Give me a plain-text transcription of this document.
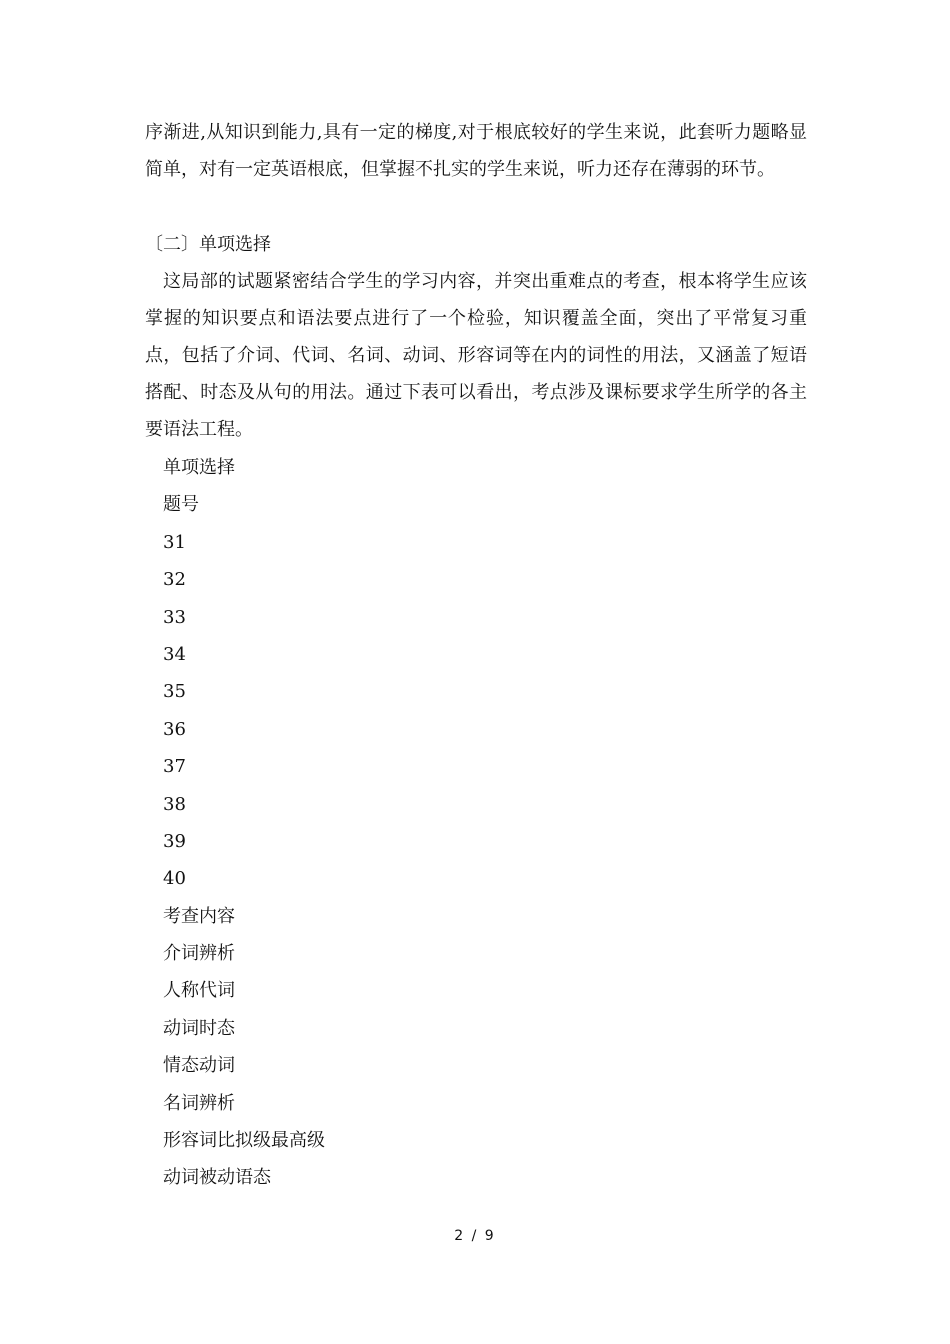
序渐进,从知识到能力,具有一定的梯度,对于根底较好的学生来说，此套听力题略显简单，对有一定英语根底，但掌握不扎实的学生来说，听力还存在薄弱的环节。

〔二〕单项选择

这局部的试题紧密结合学生的学习内容，并突出重难点的考查，根本将学生应该掌握的知识要点和语法要点进行了一个检验，知识覆盖全面，突出了平常复习重点，包括了介词、代词、名词、动词、形容词等在内的词性的用法，又涵盖了短语搭配、时态及从句的用法。通过下表可以看出，考点涉及课标要求学生所学的各主要语法工程。

单项选择
题号
31
32
33
34
35
36
37
38
39
40
考查内容
介词辨析
人称代词
动词时态
情态动词
名词辨析
形容词比拟级最高级
动词被动语态
2 / 9
